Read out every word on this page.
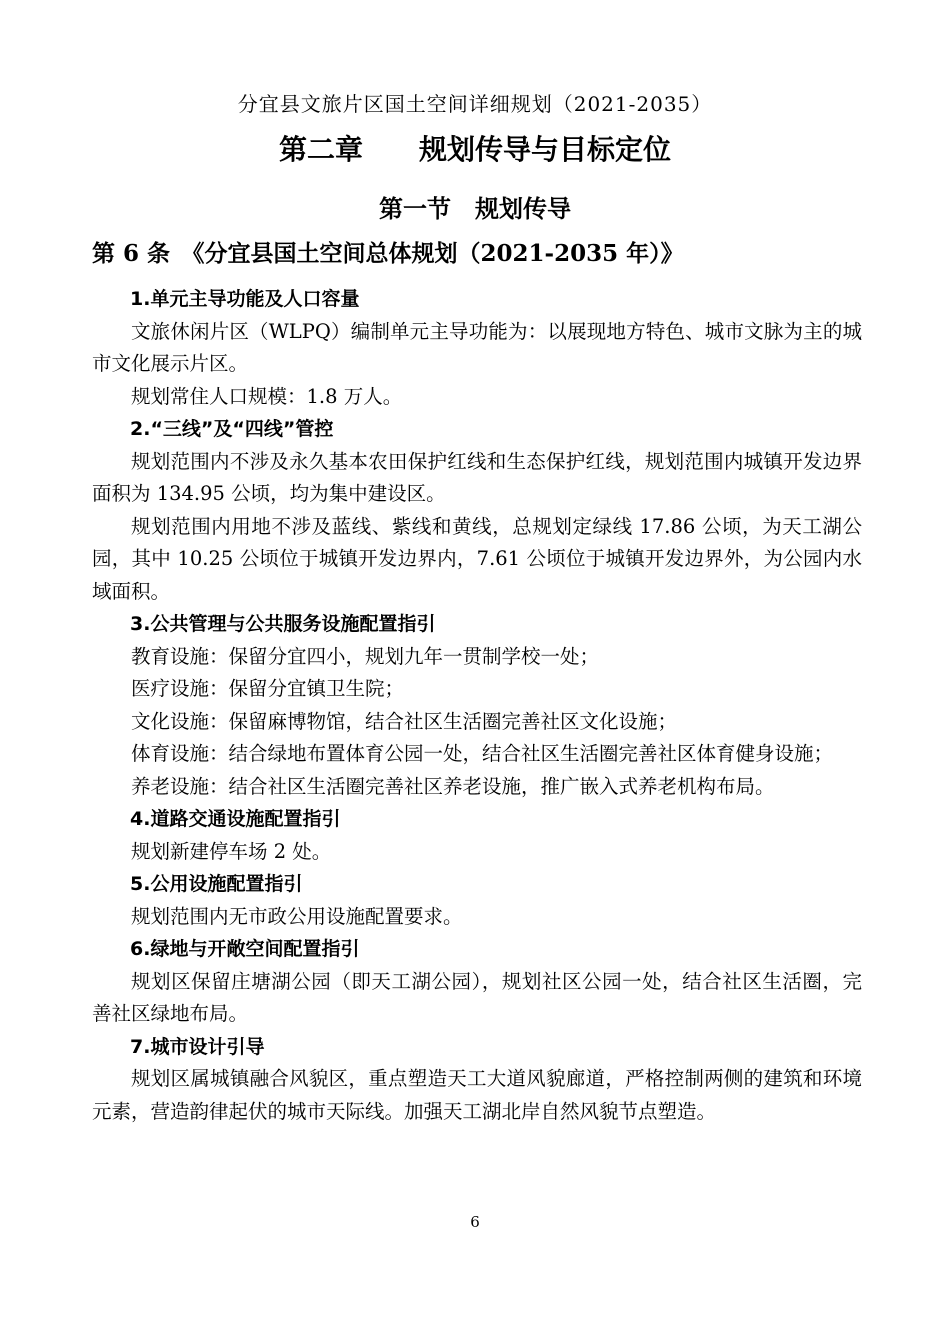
分宜县文旅片区国土空间详细规划（2021-2035）
第二章　　规划传导与目标定位
第一节　规划传导
第 6 条　《分宜县国土空间总体规划（2021-2035 年）》

1.单元主导功能及人口容量

文旅休闲片区（WLPQ）编制单元主导功能为：以展现地方特色、城市文脉为主的城市文化展示片区。

规划常住人口规模：1.8 万人。

2.“三线”及“四线”管控

规划范围内不涉及永久基本农田保护红线和生态保护红线，规划范围内城镇开发边界面积为 134.95 公顷，均为集中建设区。

规划范围内用地不涉及蓝线、紫线和黄线，总规划定绿线 17.86 公顷，为天工湖公园，其中 10.25 公顷位于城镇开发边界内，7.61 公顷位于城镇开发边界外，为公园内水域面积。

3.公共管理与公共服务设施配置指引

教育设施：保留分宜四小，规划九年一贯制学校一处；

医疗设施：保留分宜镇卫生院；

文化设施：保留麻博物馆，结合社区生活圈完善社区文化设施；

体育设施：结合绿地布置体育公园一处，结合社区生活圈完善社区体育健身设施；

养老设施：结合社区生活圈完善社区养老设施，推广嵌入式养老机构布局。

4.道路交通设施配置指引

规划新建停车场 2 处。

5.公用设施配置指引

规划范围内无市政公用设施配置要求。

6.绿地与开敞空间配置指引

规划区保留庄塘湖公园（即天工湖公园），规划社区公园一处，结合社区生活圈，完善社区绿地布局。

7.城市设计引导

规划区属城镇融合风貌区，重点塑造天工大道风貌廊道，严格控制两侧的建筑和环境元素，营造韵律起伏的城市天际线。加强天工湖北岸自然风貌节点塑造。

6
